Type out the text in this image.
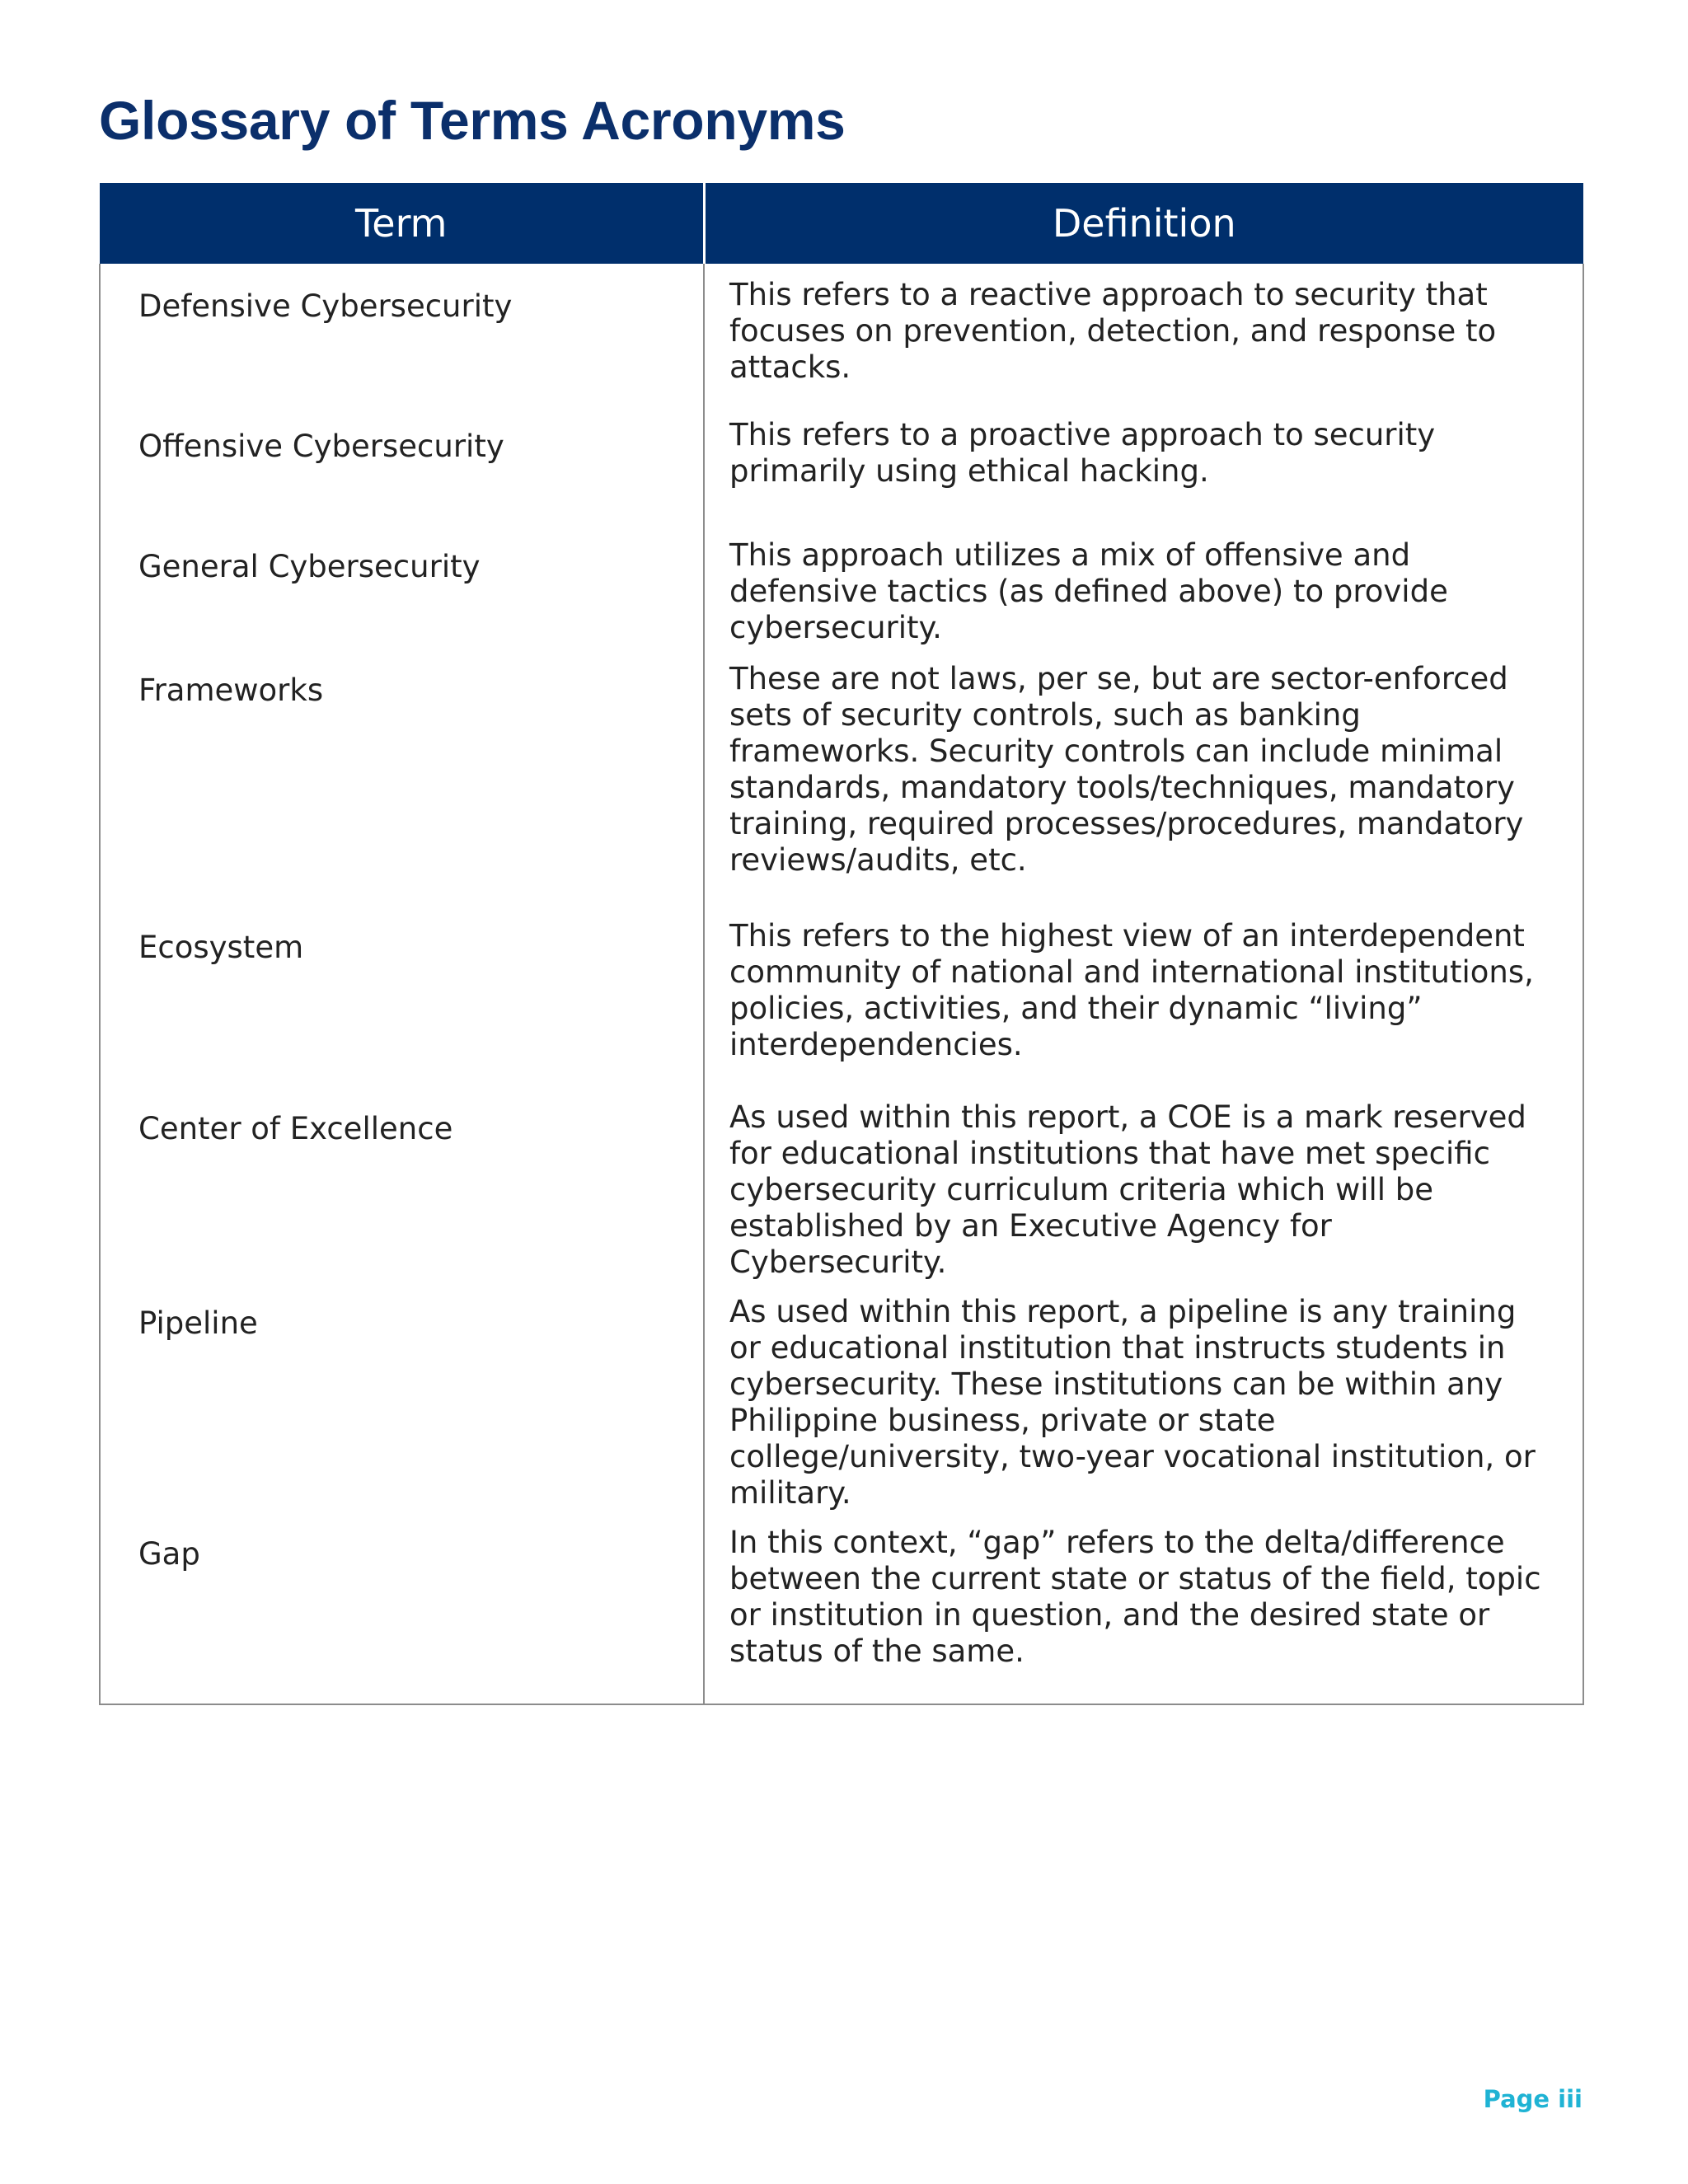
Glossary of Terms Acronyms
Term	Definition

Defensive Cybersecurity	This refers to a reactive approach to security that focuses on prevention, detection, and response to attacks.

Offensive Cybersecurity	This refers to a proactive approach to security primarily using ethical hacking.

General Cybersecurity	This approach utilizes a mix of offensive and defensive tactics (as defined above) to provide cybersecurity.

Frameworks	These are not laws, per se, but are sector-enforced sets of security controls, such as banking frameworks. Security controls can include minimal standards, mandatory tools/techniques, mandatory training, required processes/procedures, mandatory reviews/audits, etc.

Ecosystem	This refers to the highest view of an interdependent community of national and international institutions, policies, activities, and their dynamic “living” interdependencies.

Center of Excellence	As used within this report, a COE is a mark reserved for educational institutions that have met specific cybersecurity curriculum criteria which will be established by an Executive Agency for Cybersecurity.

Pipeline	As used within this report, a pipeline is any training or educational institution that instructs students in cybersecurity. These institutions can be within any Philippine business, private or state college/university, two-year vocational institution, or military.

Gap	In this context, “gap” refers to the delta/difference between the current state or status of the field, topic or institution in question, and the desired state or status of the same.
Page iii
